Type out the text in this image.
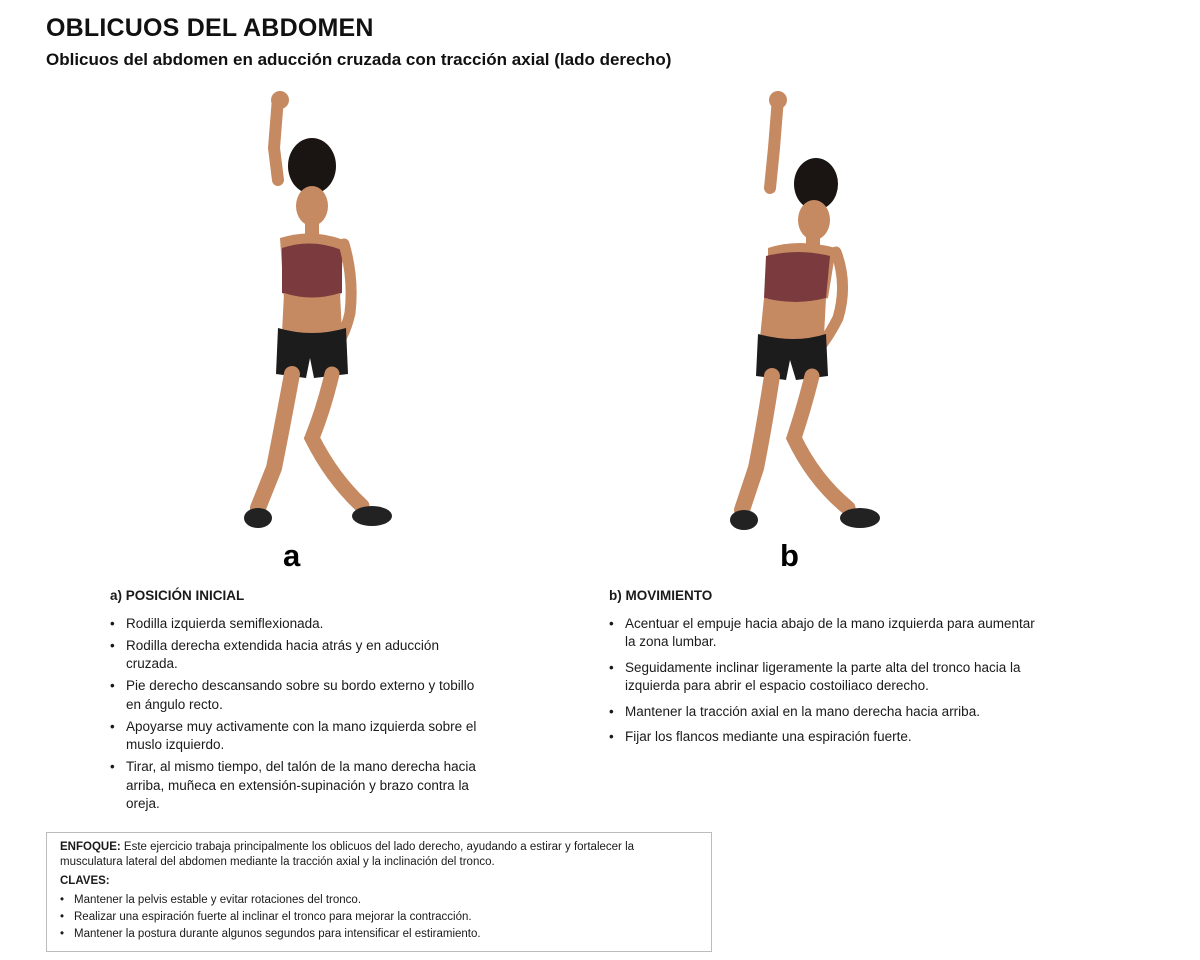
OBLICUOS DEL ABDOMEN
Oblicuos del abdomen en aducción cruzada con tracción axial (lado derecho)
a	b

a) POSICIÓN INICIAL

• Rodilla izquierda semiflexionada.
• Rodilla derecha extendida hacia atrás y en aducción cruzada.
• Pie derecho descansando sobre su bordo externo y tobillo en ángulo recto.
• Apoyarse muy activamente con la mano izquierda sobre el muslo izquierdo.
• Tirar, al mismo tiempo, del talón de la mano derecha hacia arriba, muñeca en extensión-supinación y brazo contra la oreja.

b) MOVIMIENTO

• Acentuar el empuje hacia abajo de la mano izquierda para aumentar la zona lumbar.
• Seguidamente inclinar ligeramente la parte alta del tronco hacia la izquierda para abrir el espacio costoiliaco derecho.
• Mantener la tracción axial en la mano derecha hacia arriba.
• Fijar los flancos mediante una espiración fuerte.

ENFOQUE: Este ejercicio trabaja principalmente los oblicuos del lado derecho, ayudando a estirar y fortalecer la musculatura lateral del abdomen mediante la tracción axial y la inclinación del tronco.

CLAVES:

• Mantener la pelvis estable y evitar rotaciones del tronco.
• Realizar una espiración fuerte al inclinar el tronco para mejorar la contracción.
• Mantener la postura durante algunos segundos para intensificar el estiramiento.
